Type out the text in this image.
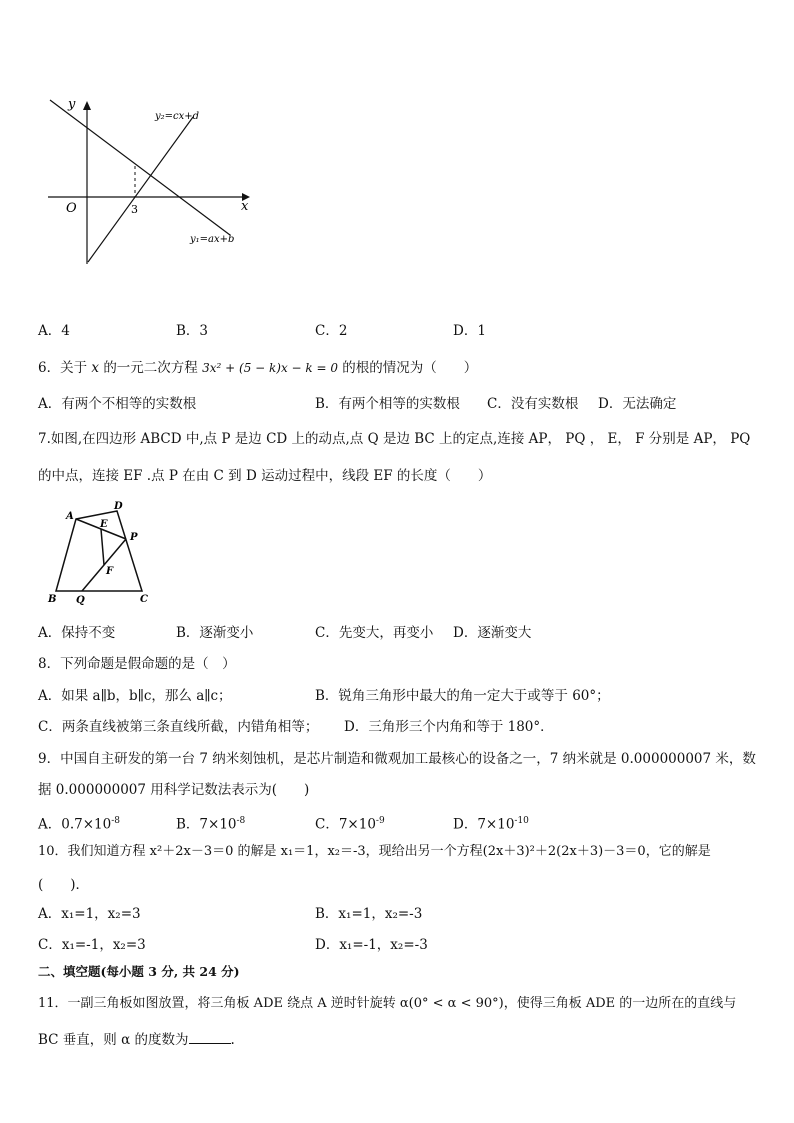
y
x
O	3
y₂=cx+d
y₁=ax+b
A．4	B．3	C．2	D．1
6．关于 x 的一元二次方程 3x² + (5 − k)x − k = 0 的根的情况为（　　）
A．有两个不相等的实数根	B．有两个相等的实数根 C．没有实数根 D．无法确定
7.如图,在四边形 ABCD 中,点 P 是边 CD 上的动点,点 Q 是边 BC 上的定点,连接 AP， PQ ， E， F 分别是 AP， PQ
的中点，连接 EF .点 P 在由 C 到 D 运动过程中，线段 EF 的长度（　　）
A
D
E
P
F
B Q	C
A．保持不变	B．逐渐变小	C．先变大，再变小 D．逐渐变大
8．下列命题是假命题的是（　）
A．如果 a∥b，b∥c，那么 a∥c；	B．锐角三角形中最大的角一定大于或等于 60°；
C．两条直线被第三条直线所截，内错角相等； D．三角形三个内角和等于 180°．
9．中国自主研发的第一台 7 纳米刻蚀机，是芯片制造和微观加工最核心的设备之一，7 纳米就是 0.000000007 米，数
据 0.000000007 用科学记数法表示为(　　)
A．$0.7\times 10^{-8}$	B．$7\times 10^{-8}$	C．$7\times 10^{-9}$	D．$7\times 10^{-10}$
10．我们知道方程 x²＋2x－3＝0 的解是 x₁＝1，x₂＝-3，现给出另一个方程(2x＋3)²＋2(2x＋3)－3＝0，它的解是
(　　)．
A．x₁=1，x₂=3	B．x₁=1，x₂=-3
C．x₁=-1，x₂=3	D．x₁=-1，x₂=-3
二、填空题(每小题 3 分, 共 24 分)
11．一副三角板如图放置，将三角板 ADE 绕点 A 逆时针旋转 α(0° < α < 90°)，使得三角板 ADE 的一边所在的直线与
BC 垂直，则 α 的度数为	.
